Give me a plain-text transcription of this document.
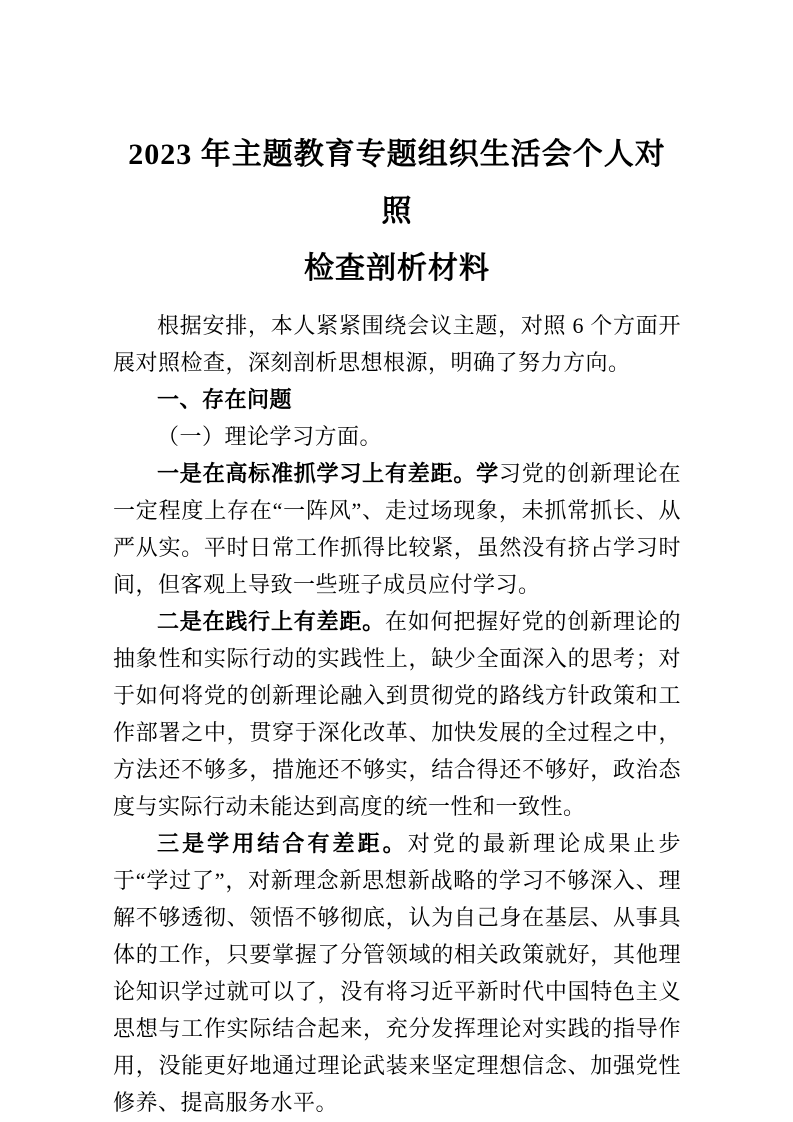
2023 年主题教育专题组织生活会个人对照
检查剖析材料

根据安排，本人紧紧围绕会议主题，对照 6 个方面开展对照检查，深刻剖析思想根源，明确了努力方向。

一、存在问题
（一）理论学习方面。

一是在高标准抓学习上有差距。学习党的创新理论在一定程度上存在“一阵风”、走过场现象，未抓常抓长、从严从实。平时日常工作抓得比较紧，虽然没有挤占学习时间，但客观上导致一些班子成员应付学习。

二是在践行上有差距。在如何把握好党的创新理论的抽象性和实际行动的实践性上，缺少全面深入的思考；对于如何将党的创新理论融入到贯彻党的路线方针政策和工作部署之中，贯穿于深化改革、加快发展的全过程之中，方法还不够多，措施还不够实，结合得还不够好，政治态度与实际行动未能达到高度的统一性和一致性。

三是学用结合有差距。对党的最新理论成果止步于“学过了”，对新理念新思想新战略的学习不够深入、理解不够透彻、领悟不够彻底，认为自己身在基层、从事具体的工作，只要掌握了分管领域的相关政策就好，其他理论知识学过就可以了，没有将习近平新时代中国特色主义思想与工作实际结合起来，充分发挥理论对实践的指导作用，没能更好地通过理论武装来坚定理想信念、加强党性修养、提高服务水平。
